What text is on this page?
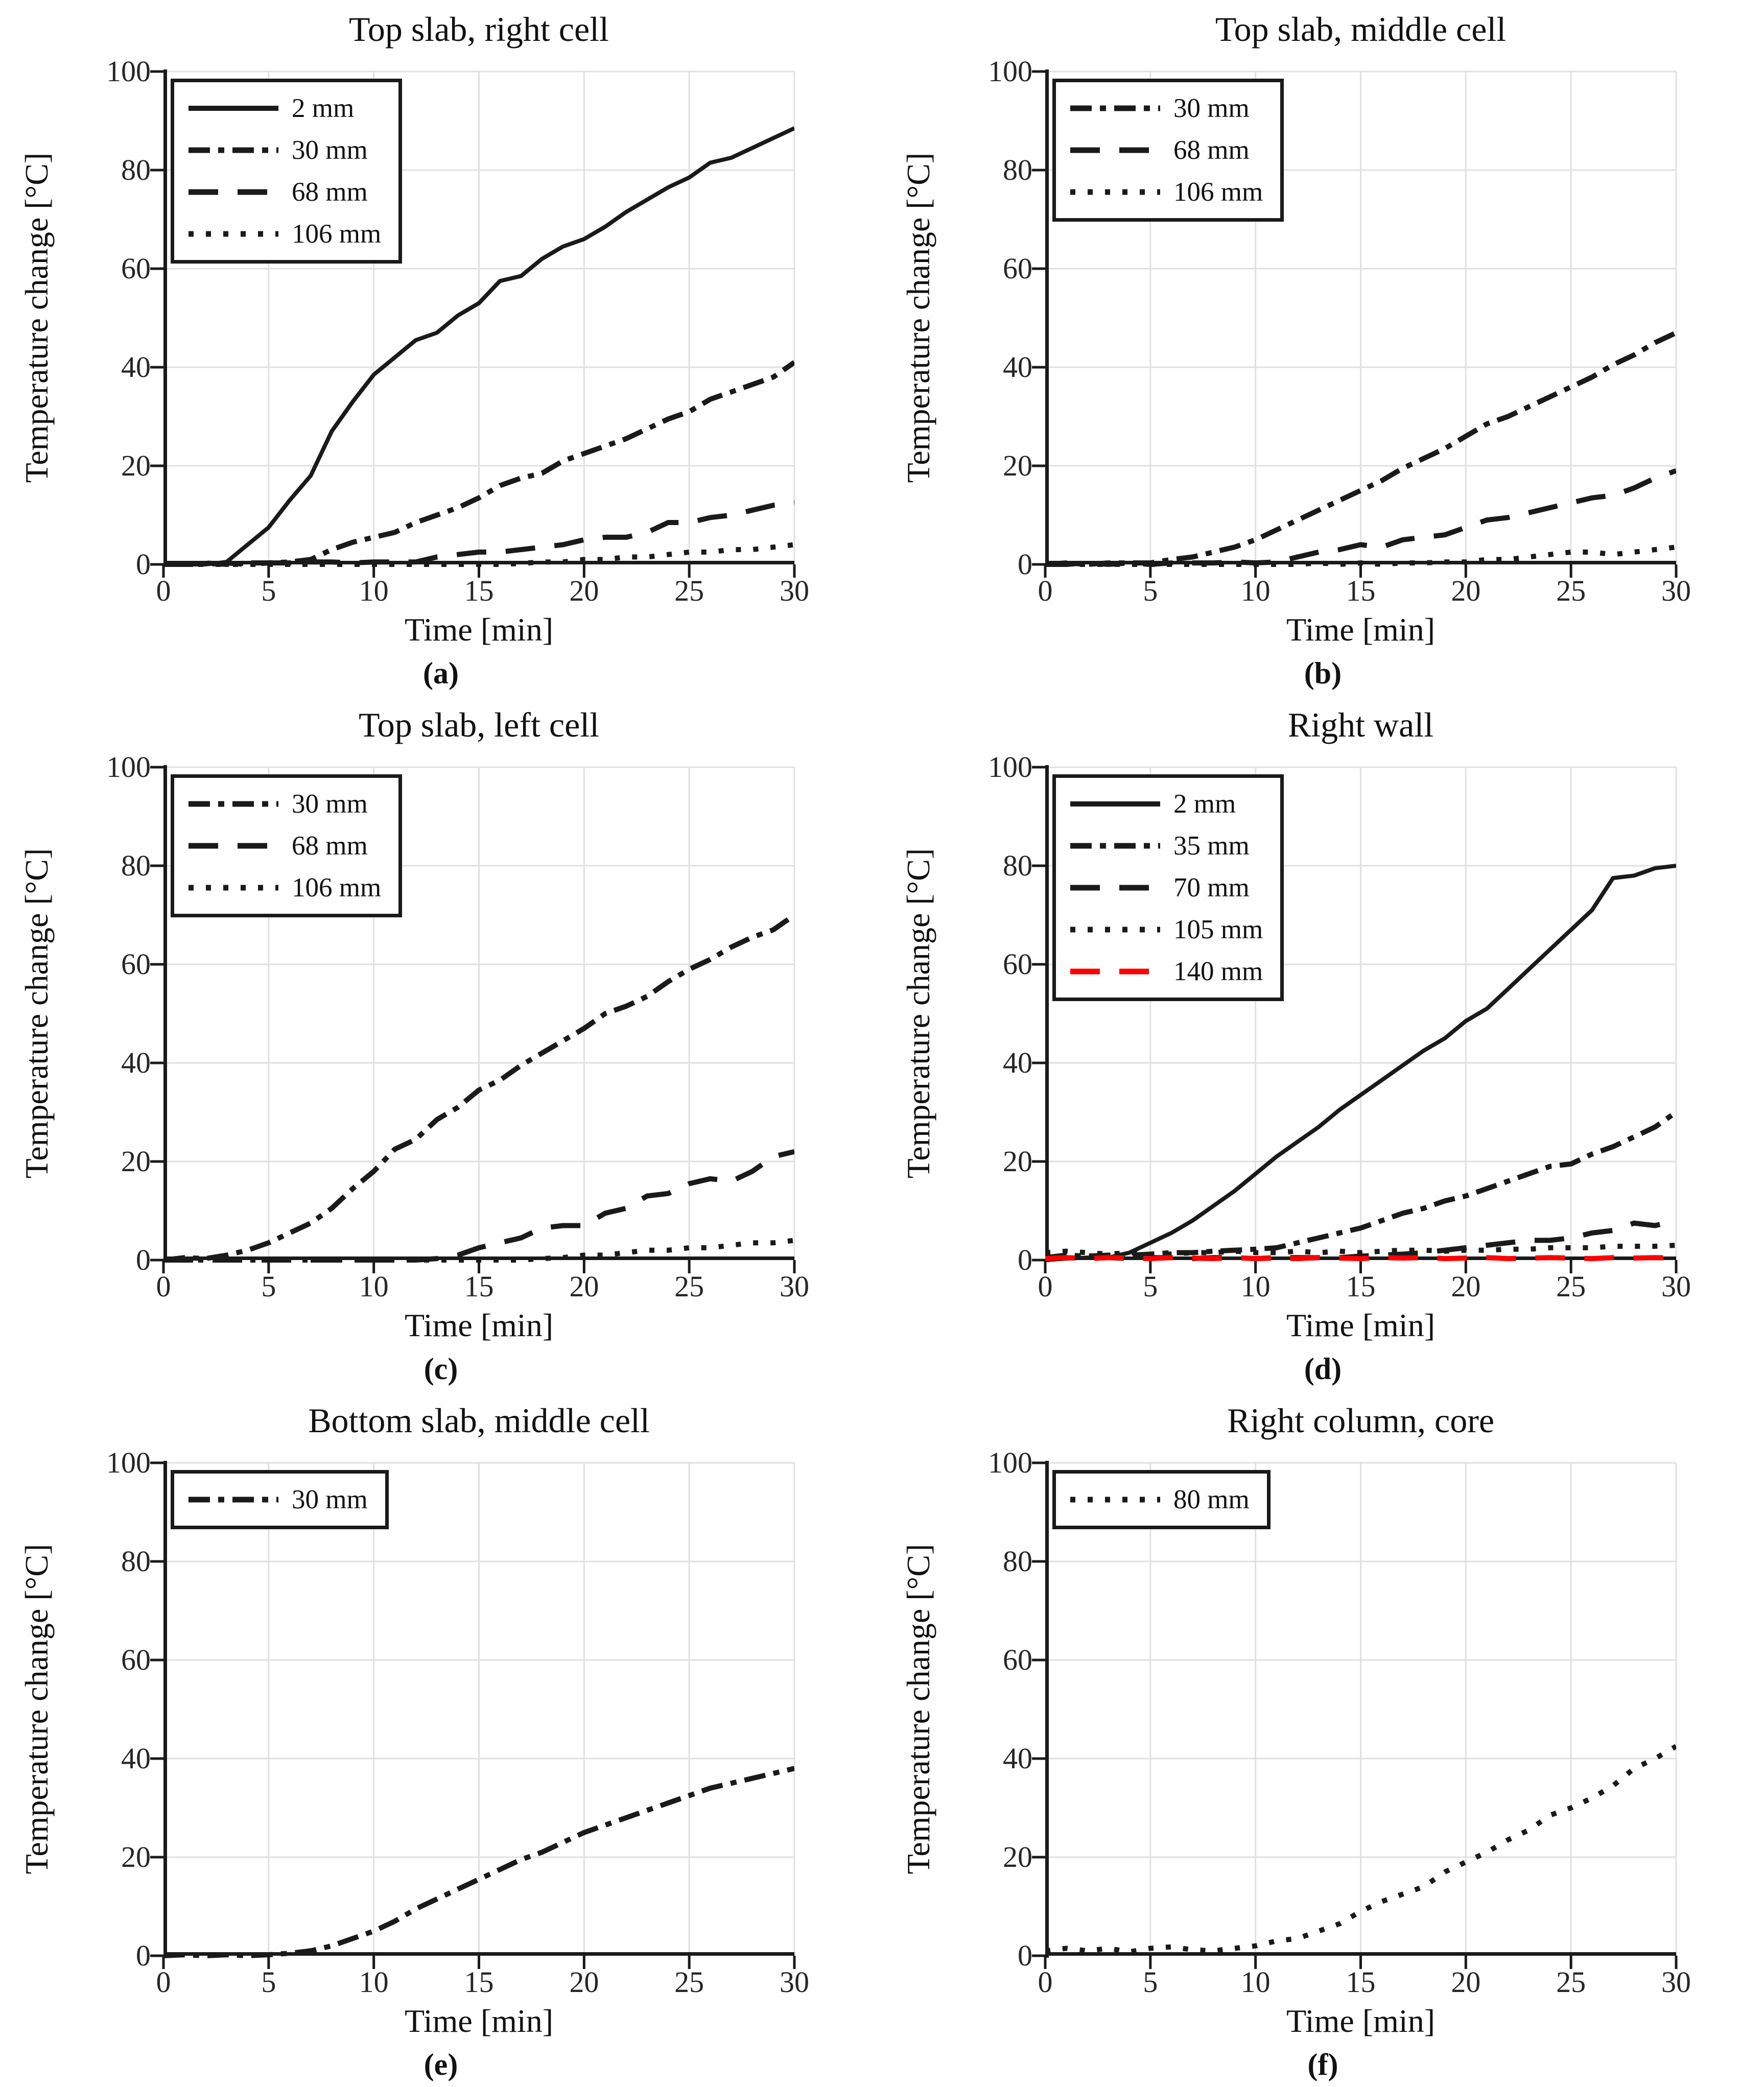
Top slab, right cell
Temperature change [°C]
2 mm
30 mm
68 mm
106 mm
Time [min]
(a)
0	5	10	15	20	25	30
0
20
40
60
80
100
Top slab, middle cell
Temperature change [°C]
30 mm
68 mm
106 mm
Time [min]
(b)
0	5	10	15	20	25	30
0
20
40
60
80
100
Top slab, left cell
Temperature change [°C]
30 mm
68 mm
106 mm
Time [min]
(c)
0	5	10	15	20	25	30
0
20
40
60
80
100
Right wall
Temperature change [°C]
2 mm
35 mm
70 mm
105 mm
140 mm
Time [min]
(d)
0	5	10	15	20	25	30
0
20
40
60
80
100
Bottom slab, middle cell
Temperature change [°C]
30 mm
Time [min]
(e)
0	5	10	15	20	25	30
0
20
40
60
80
100
Right column, core
Temperature change [°C]
80 mm
Time [min]
(f)
0	5	10	15	20	25	30
0
20
40
60
80
100
